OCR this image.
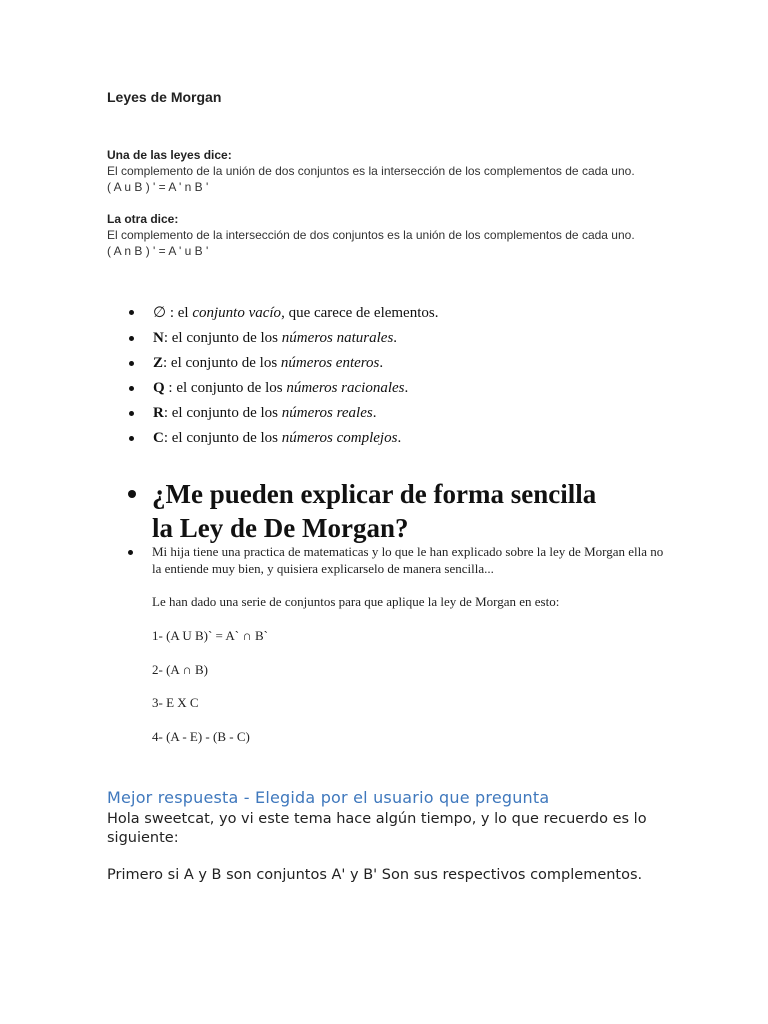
Leyes de Morgan
Una de las leyes dice:
El complemento de la unión de dos conjuntos es la intersección de los complementos de cada uno.
( A u B ) ' = A ' n B '
La otra dice:
El complemento de la intersección de dos conjuntos es la unión de los complementos de cada uno.
( A n B ) ' = A ' u B '
∅ : el conjunto vacío, que carece de elementos.
N: el conjunto de los números naturales.
Z: el conjunto de los números enteros.
Q : el conjunto de los números racionales.
R: el conjunto de los números reales.
C: el conjunto de los números complejos.
¿Me pueden explicar de forma sencilla
la Ley de De Morgan?

Mi hija tiene una practica de matematicas y lo que le han explicado sobre la ley de Morgan ella no la entiende muy bien, y quisiera explicarselo de manera sencilla...

Le han dado una serie de conjuntos para que aplique la ley de Morgan en esto:
1- (A U B)` = A` ∩ B`
2- (A ∩ B)
3- E X C
4- (A - E) - (B - C)
Mejor respuesta - Elegida por el usuario que pregunta
Hola sweetcat, yo vi este tema hace algún tiempo, y lo que recuerdo es lo siguiente:
Primero si A y B son conjuntos A' y B' Son sus respectivos complementos.
